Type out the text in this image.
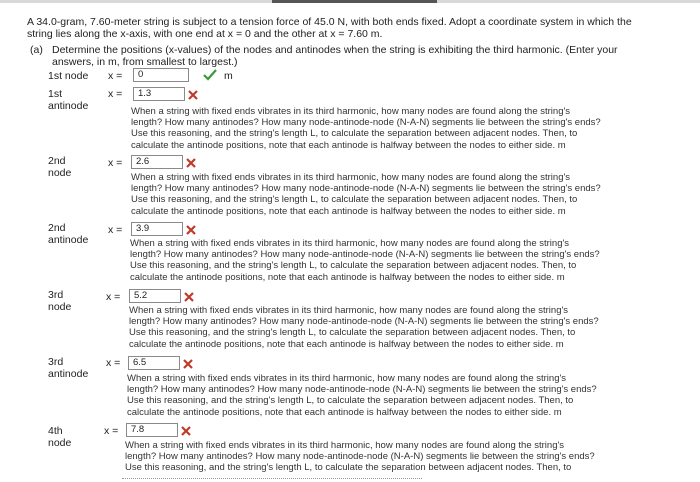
A 34.0-gram, 7.60-meter string is subject to a tension force of 45.0 N, with both ends fixed. Adopt a coordinate system in which the
string lies along the x-axis, with one end at x = 0 and the other at x = 7.60 m.
(a) Determine the positions (x-values) of the nodes and antinodes when the string is exhibiting the third harmonic. (Enter your
answers, in m, from smallest to largest.)
1st node x =	0	m
1st
antinode
x =	1.3
When a string with fixed ends vibrates in its third harmonic, how many nodes are found along the string's
length? How many antinodes? How many node-antinode-node (N-A-N) segments lie between the string's ends?
Use this reasoning, and the string's length L, to calculate the separation between adjacent nodes. Then, to
calculate the antinode positions, note that each antinode is halfway between the nodes to either side. m
2nd
node
x =	2.6
When a string with fixed ends vibrates in its third harmonic, how many nodes are found along the string's
length? How many antinodes? How many node-antinode-node (N-A-N) segments lie between the string's ends?
Use this reasoning, and the string's length L, to calculate the separation between adjacent nodes. Then, to
calculate the antinode positions, note that each antinode is halfway between the nodes to either side. m
2nd
antinode
x =	3.9
When a string with fixed ends vibrates in its third harmonic, how many nodes are found along the string's
length? How many antinodes? How many node-antinode-node (N-A-N) segments lie between the string's ends?
Use this reasoning, and the string's length L, to calculate the separation between adjacent nodes. Then, to
calculate the antinode positions, note that each antinode is halfway between the nodes to either side. m
3rd
node
x =	5.2
When a string with fixed ends vibrates in its third harmonic, how many nodes are found along the string's
length? How many antinodes? How many node-antinode-node (N-A-N) segments lie between the string's ends?
Use this reasoning, and the string's length L, to calculate the separation between adjacent nodes. Then, to
calculate the antinode positions, note that each antinode is halfway between the nodes to either side. m
3rd
antinode
x =	6.5
When a string with fixed ends vibrates in its third harmonic, how many nodes are found along the string's
length? How many antinodes? How many node-antinode-node (N-A-N) segments lie between the string's ends?
Use this reasoning, and the string's length L, to calculate the separation between adjacent nodes. Then, to
calculate the antinode positions, note that each antinode is halfway between the nodes to either side. m
4th
node
x =	7.8
When a string with fixed ends vibrates in its third harmonic, how many nodes are found along the string's
length? How many antinodes? How many node-antinode-node (N-A-N) segments lie between the string's ends?
Use this reasoning, and the string's length L, to calculate the separation between adjacent nodes. Then, to
